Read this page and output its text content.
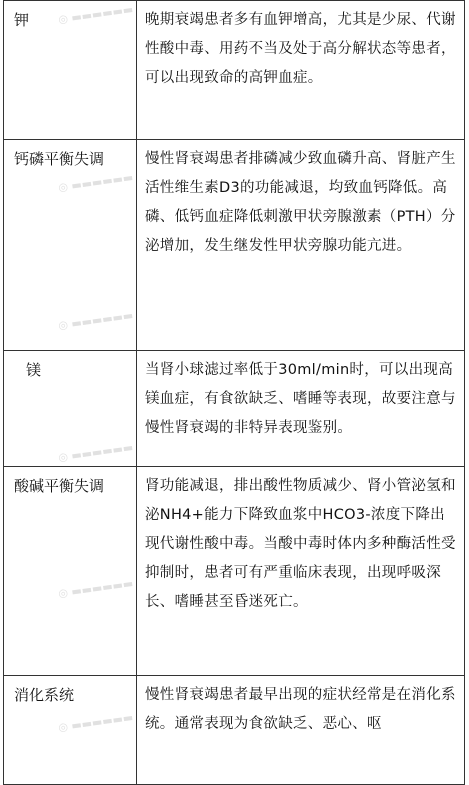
钾	晚期衰竭患者多有血钾增高，尤其是少尿、代谢性酸中毒、用药不当及处于高分解状态等患者，可以出现致命的高钾血症。
钙磷平衡失调	慢性肾衰竭患者排磷减少致血磷升高、肾脏产生活性维生素D3的功能减退，均致血钙降低。高磷、低钙血症降低刺激甲状旁腺激素（PTH）分泌增加，发生继发性甲状旁腺功能亢进。
镁	当肾小球滤过率低于30ml/min时，可以出现高镁血症，有食欲缺乏、嗜睡等表现，故要注意与慢性肾衰竭的非特异表现鉴别。
酸碱平衡失调	肾功能减退，排出酸性物质减少、肾小管泌氢和泌NH4+能力下降致血浆中HCO3-浓度下降出现代谢性酸中毒。当酸中毒时体内多种酶活性受抑制时，患者可有严重临床表现，出现呼吸深长、嗜睡甚至昏迷死亡。
消化系统	慢性肾衰竭患者最早出现的症状经常是在消化系统。通常表现为食欲缺乏、恶心、呕
◎ ▬▬▬▬▬▬
◎ ▬▬▬▬▬▬
◎ ▬▬▬▬▬▬
◎ ▬▬▬▬▬▬
◎ ▬▬▬▬▬▬
◎ ▬▬▬▬▬▬
